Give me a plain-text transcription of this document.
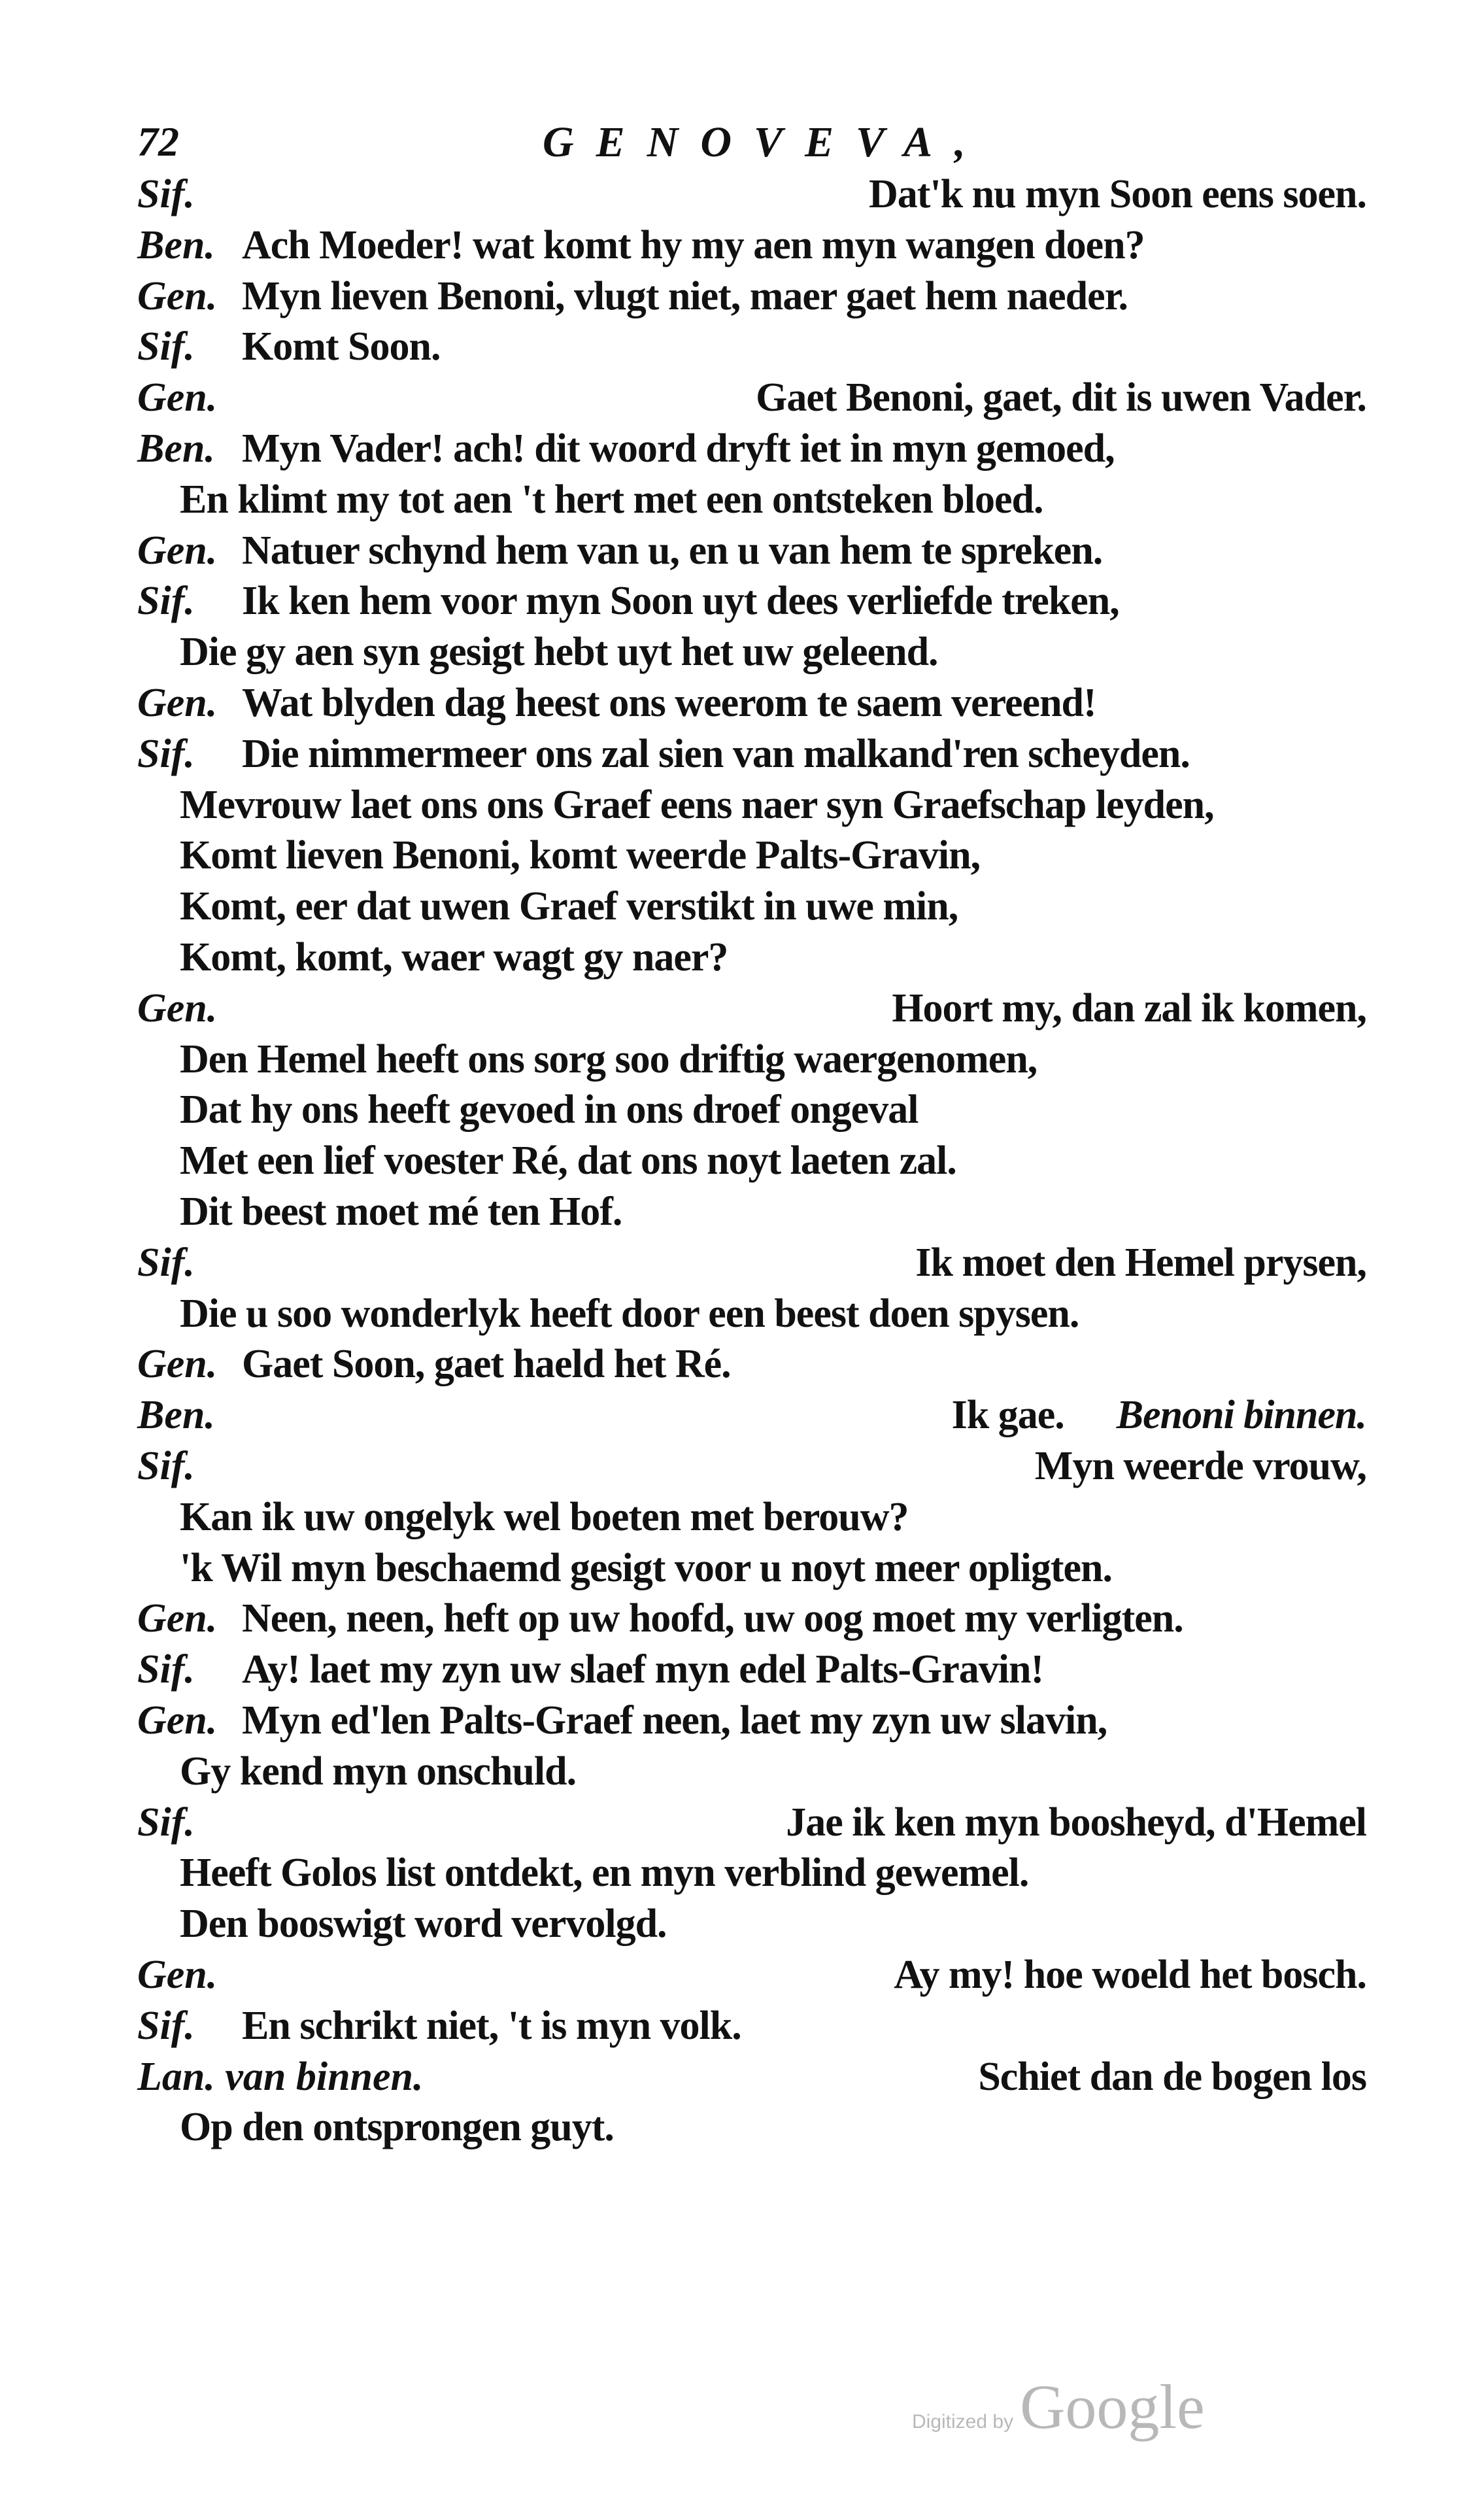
72	GENOVEVA,
Sif.	Dat'k nu myn Soon eens soen.
Ben. Ach Moeder! wat komt hy my aen myn wangen doen?
Gen. Myn lieven Benoni, vlugt niet, maer gaet hem naeder.
Sif. Komt Soon.
Gen.	Gaet Benoni, gaet, dit is uwen Vader.
Ben. Myn Vader! ach! dit woord dryft iet in myn gemoed,
En klimt my tot aen 't hert met een ontsteken bloed.
Gen. Natuer schynd hem van u, en u van hem te spreken.
Sif. Ik ken hem voor myn Soon uyt dees verliefde treken,
Die gy aen syn gesigt hebt uyt het uw geleend.
Gen. Wat blyden dag heest ons weerom te saem vereend!
Sif. Die nimmermeer ons zal sien van malkand'ren scheyden.
Mevrouw laet ons ons Graef eens naer syn Graefschap leyden,
Komt lieven Benoni, komt weerde Palts-Gravin,
Komt, eer dat uwen Graef verstikt in uwe min,
Komt, komt, waer wagt gy naer?
Gen.	Hoort my, dan zal ik komen,
Den Hemel heeft ons sorg soo driftig waergenomen,
Dat hy ons heeft gevoed in ons droef ongeval
Met een lief voester Ré, dat ons noyt laeten zal.
Dit beest moet mé ten Hof.
Sif.	Ik moet den Hemel prysen,
Die u soo wonderlyk heeft door een beest doen spysen.
Gen. Gaet Soon, gaet haeld het Ré.
Ben.	Ik gae. Benoni binnen.
Sif.	Myn weerde vrouw,
Kan ik uw ongelyk wel boeten met berouw?
'k Wil myn beschaemd gesigt voor u noyt meer opligten.
Gen. Neen, neen, heft op uw hoofd, uw oog moet my verligten.
Sif. Ay! laet my zyn uw slaef myn edel Palts-Gravin!
Gen. Myn ed'len Palts-Graef neen, laet my zyn uw slavin,
Gy kend myn onschuld.
Sif.	Jae ik ken myn boosheyd, d'Hemel
Heeft Golos list ontdekt, en myn verblind gewemel.
Den booswigt word vervolgd.
Gen.	Ay my! hoe woeld het bosch.
Sif. En schrikt niet, 't is myn volk.
Lan. van binnen.	Schiet dan de bogen los
Op den ontsprongen guyt.
Digitized by Google
